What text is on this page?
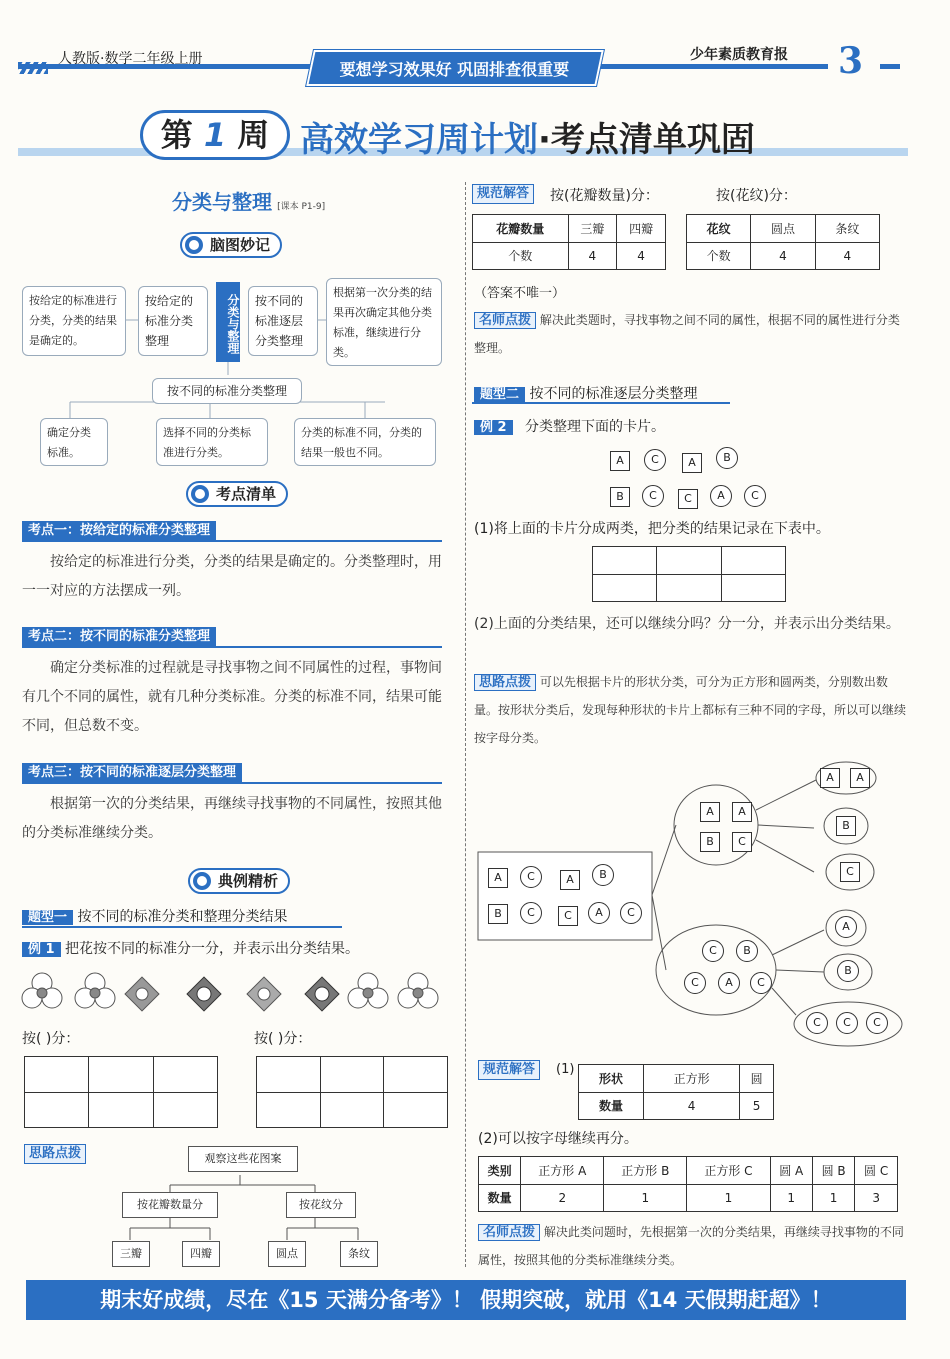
人教版·数学二年级上册
要想学习效果好 巩固排查很重要
少年素质教育报 3
第 1 周 高效学习周计划·考点清单巩固
分类与整理 [课本 P1-9]
脑图妙记
按给定的标准进行分类，分类的结果是确定的。
按给定的标准分类整理	分类与整理	按不同的标准逐层分类整理
根据第一次分类的结果再次确定其他分类标准，继续进行分类。
按不同的标准分类整理
确定分类标准。
选择不同的分类标准进行分类。
分类的标准不同，分类的结果一般也不同。
考点清单
考点一：按给定的标准分类整理
按给定的标准进行分类，分类的结果是确定的。分类整理时，用一一对应的方法摆成一列。
考点二：按不同的标准分类整理
确定分类标准的过程就是寻找事物之间不同属性的过程，事物间有几个不同的属性，就有几种分类标准。分类的标准不同，结果可能不同，但总数不变。
考点三：按不同的标准逐层分类整理
根据第一次的分类结果，再继续寻找事物的不同属性，按照其他的分类标准继续分类。
典例精析
题型一 按不同的标准分类和整理分类结果
例 1 把花按不同的标准分一分，并表示出分类结果。
按( )分：	按( )分：

思路点拨	观察这些花图案
按花瓣数量分	按花纹分
三瓣	四瓣	圆点	条纹
规范解答	按(花瓣数量)分：	按(花纹)分：
花瓣数量	三瓣	四瓣
个数	4	4
花纹	圆点	条纹
个数	4	4
（答案不唯一）
名师点拨 解决此类题时，寻找事物之间不同的属性，根据不同的属性进行分类整理。
题型二 按不同的标准逐层分类整理
例 2 分类整理下面的卡片。
A	C	A	B
B	C	C	A	C
(1)将上面的卡片分成两类，把分类的结果记录在下表中。

(2)上面的分类结果，还可以继续分吗？分一分，并表示出分类结果。
思路点拨 可以先根据卡片的形状分类，可分为正方形和圆两类，分别数出数量。按形状分类后，发现每种形状的卡片上都标有三种不同的字母，所以可以继续按字母分类。
A	C	A	B
B	C	C	A	C
A	A
B	C
C	B
C	A	C
A	A
B
C
A
B
C	C	C
规范解答	(1)
形状	正方形	圆
数量	4	5
(2)可以按字母继续再分。
类别	正方形 A	正方形 B	正方形 C	圆 A	圆 B	圆 C
数量	2	1	1	1	1	3
名师点拨 解决此类问题时，先根据第一次的分类结果，再继续寻找事物的不同属性，按照其他的分类标准继续分类。
期末好成绩，尽在《15 天满分备考》！ 假期突破，就用《14 天假期赶超》！
